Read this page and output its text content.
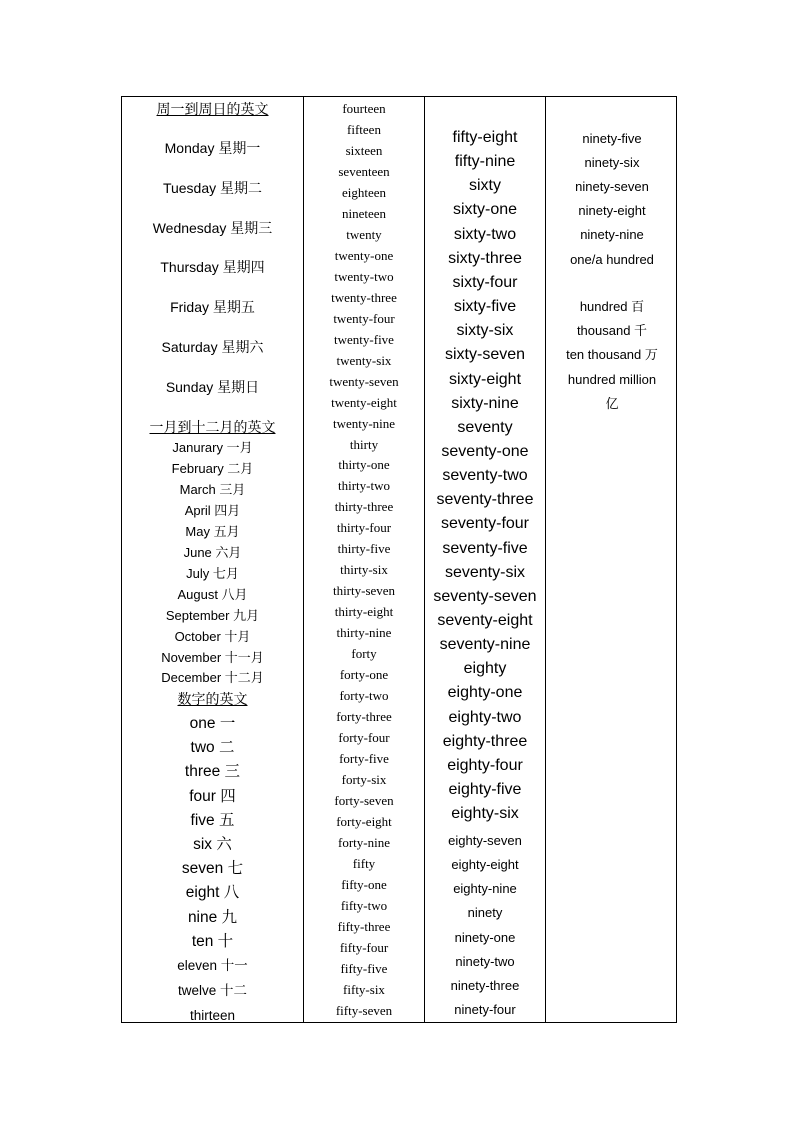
周一到周日的英文
Monday 星期一
Tuesday 星期二
Wednesday 星期三
Thursday 星期四
Friday 星期五
Saturday 星期六
Sunday 星期日
一月到十二月的英文
Janurary 一月
February 二月
March 三月
April 四月
May 五月
June 六月
July 七月
August 八月
September 九月
October 十月
November 十一月
December 十二月
数字的英文
one 一
two 二
three 三
four 四
five 五
six 六
seven 七
eight 八
nine 九
ten 十
eleven 十一
twelve 十二
thirteen
fourteen
fifteen
sixteen
seventeen
eighteen
nineteen
twenty
twenty-one
twenty-two
twenty-three
twenty-four
twenty-five
twenty-six
twenty-seven
twenty-eight
twenty-nine
thirty
thirty-one
thirty-two
thirty-three
thirty-four
thirty-five
thirty-six
thirty-seven
thirty-eight
thirty-nine
forty
forty-one
forty-two
forty-three
forty-four
forty-five
forty-six
forty-seven
forty-eight
forty-nine
fifty
fifty-one
fifty-two
fifty-three
fifty-four
fifty-five
fifty-six
fifty-seven
fifty-eight
fifty-nine
sixty
sixty-one
sixty-two
sixty-three
sixty-four
sixty-five
sixty-six
sixty-seven
sixty-eight
sixty-nine
seventy
seventy-one
seventy-two
seventy-three
seventy-four
seventy-five
seventy-six
seventy-seven
seventy-eight
seventy-nine
eighty
eighty-one
eighty-two
eighty-three
eighty-four
eighty-five
eighty-six
eighty-seven
eighty-eight
eighty-nine
ninety
ninety-one
ninety-two
ninety-three
ninety-four
ninety-five
ninety-six
ninety-seven
ninety-eight
ninety-nine
one/a hundred
hundred 百
thousand 千
ten thousand 万
hundred million
亿
